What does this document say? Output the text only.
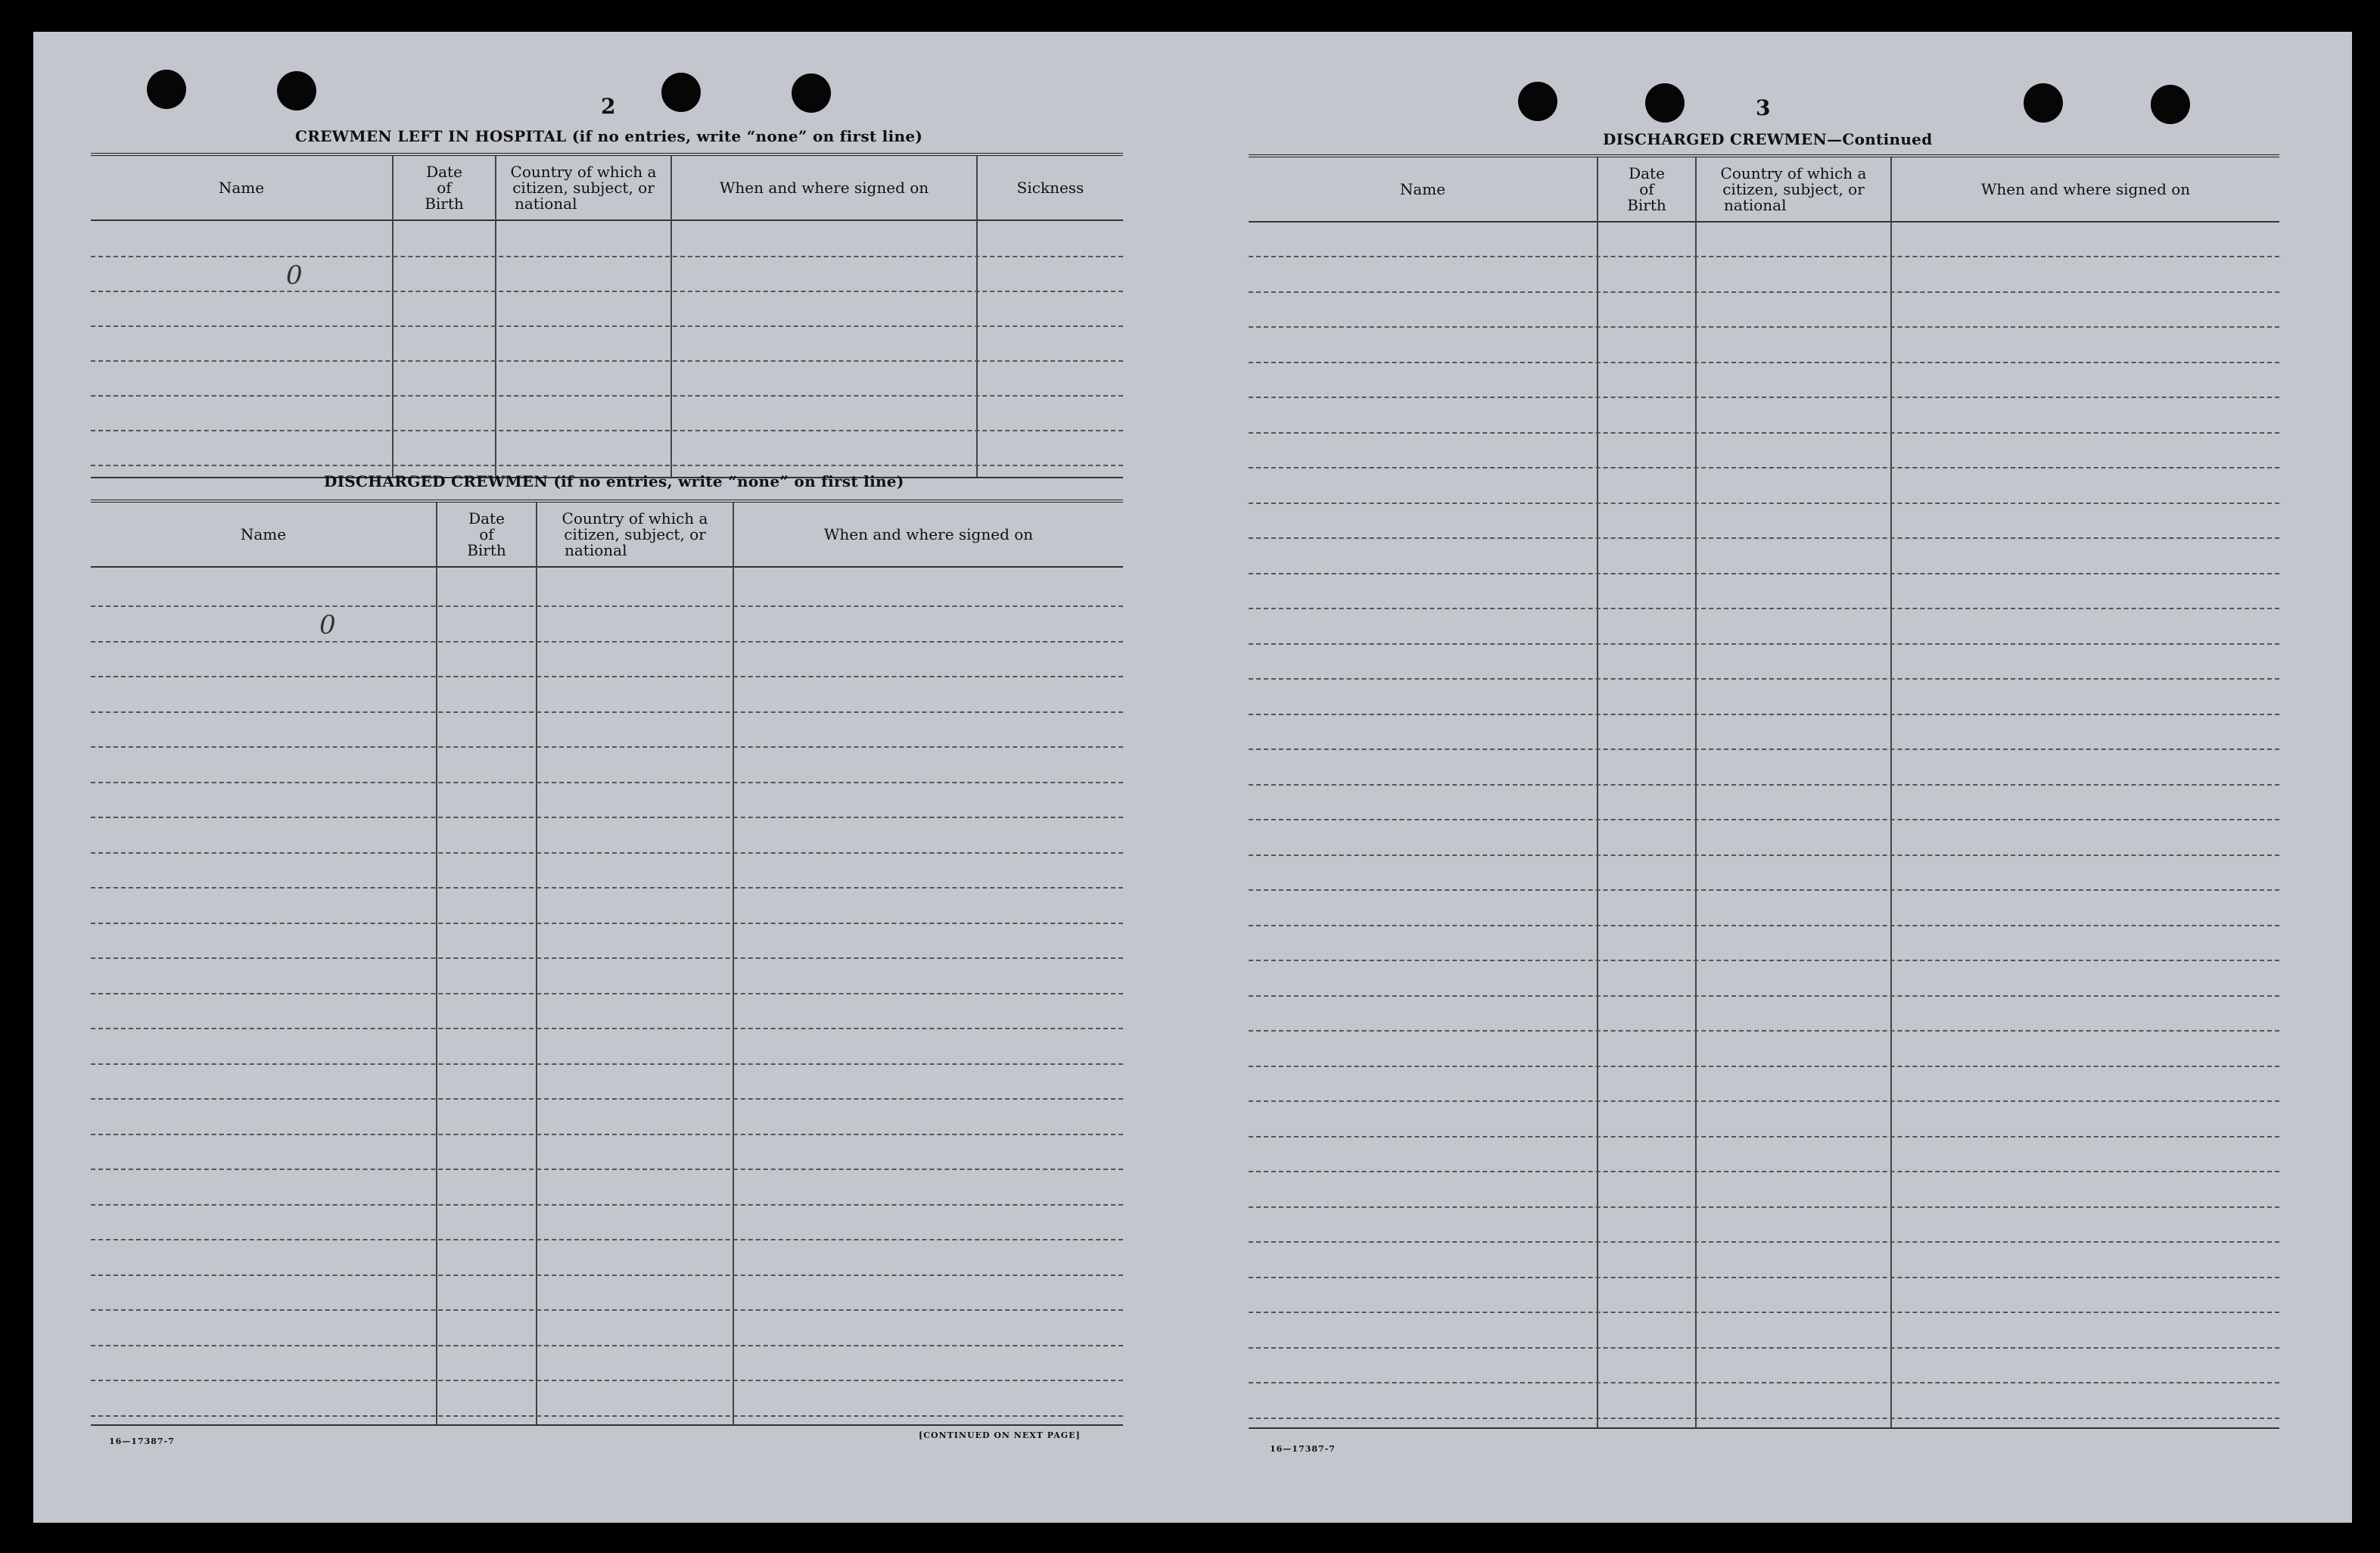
2
CREWMEN LEFT IN HOSPITAL (if no entries, write “none” on first line)
Name
Date
of
Birth
Country of which a
citizen, subject, or
national
When and where signed on	Sickness
0
DISCHARGED CREWMEN (if no entries, write “none” on first line)
Name
Date
of
Birth
Country of which a
citizen, subject, or
national
When and where signed on
0
16—17387-7
[CONTINUED ON NEXT PAGE]
3
DISCHARGED CREWMEN—Continued
Name
Date
of
Birth
Country of which a
citizen, subject, or
national
When and where signed on
16—17387-7
